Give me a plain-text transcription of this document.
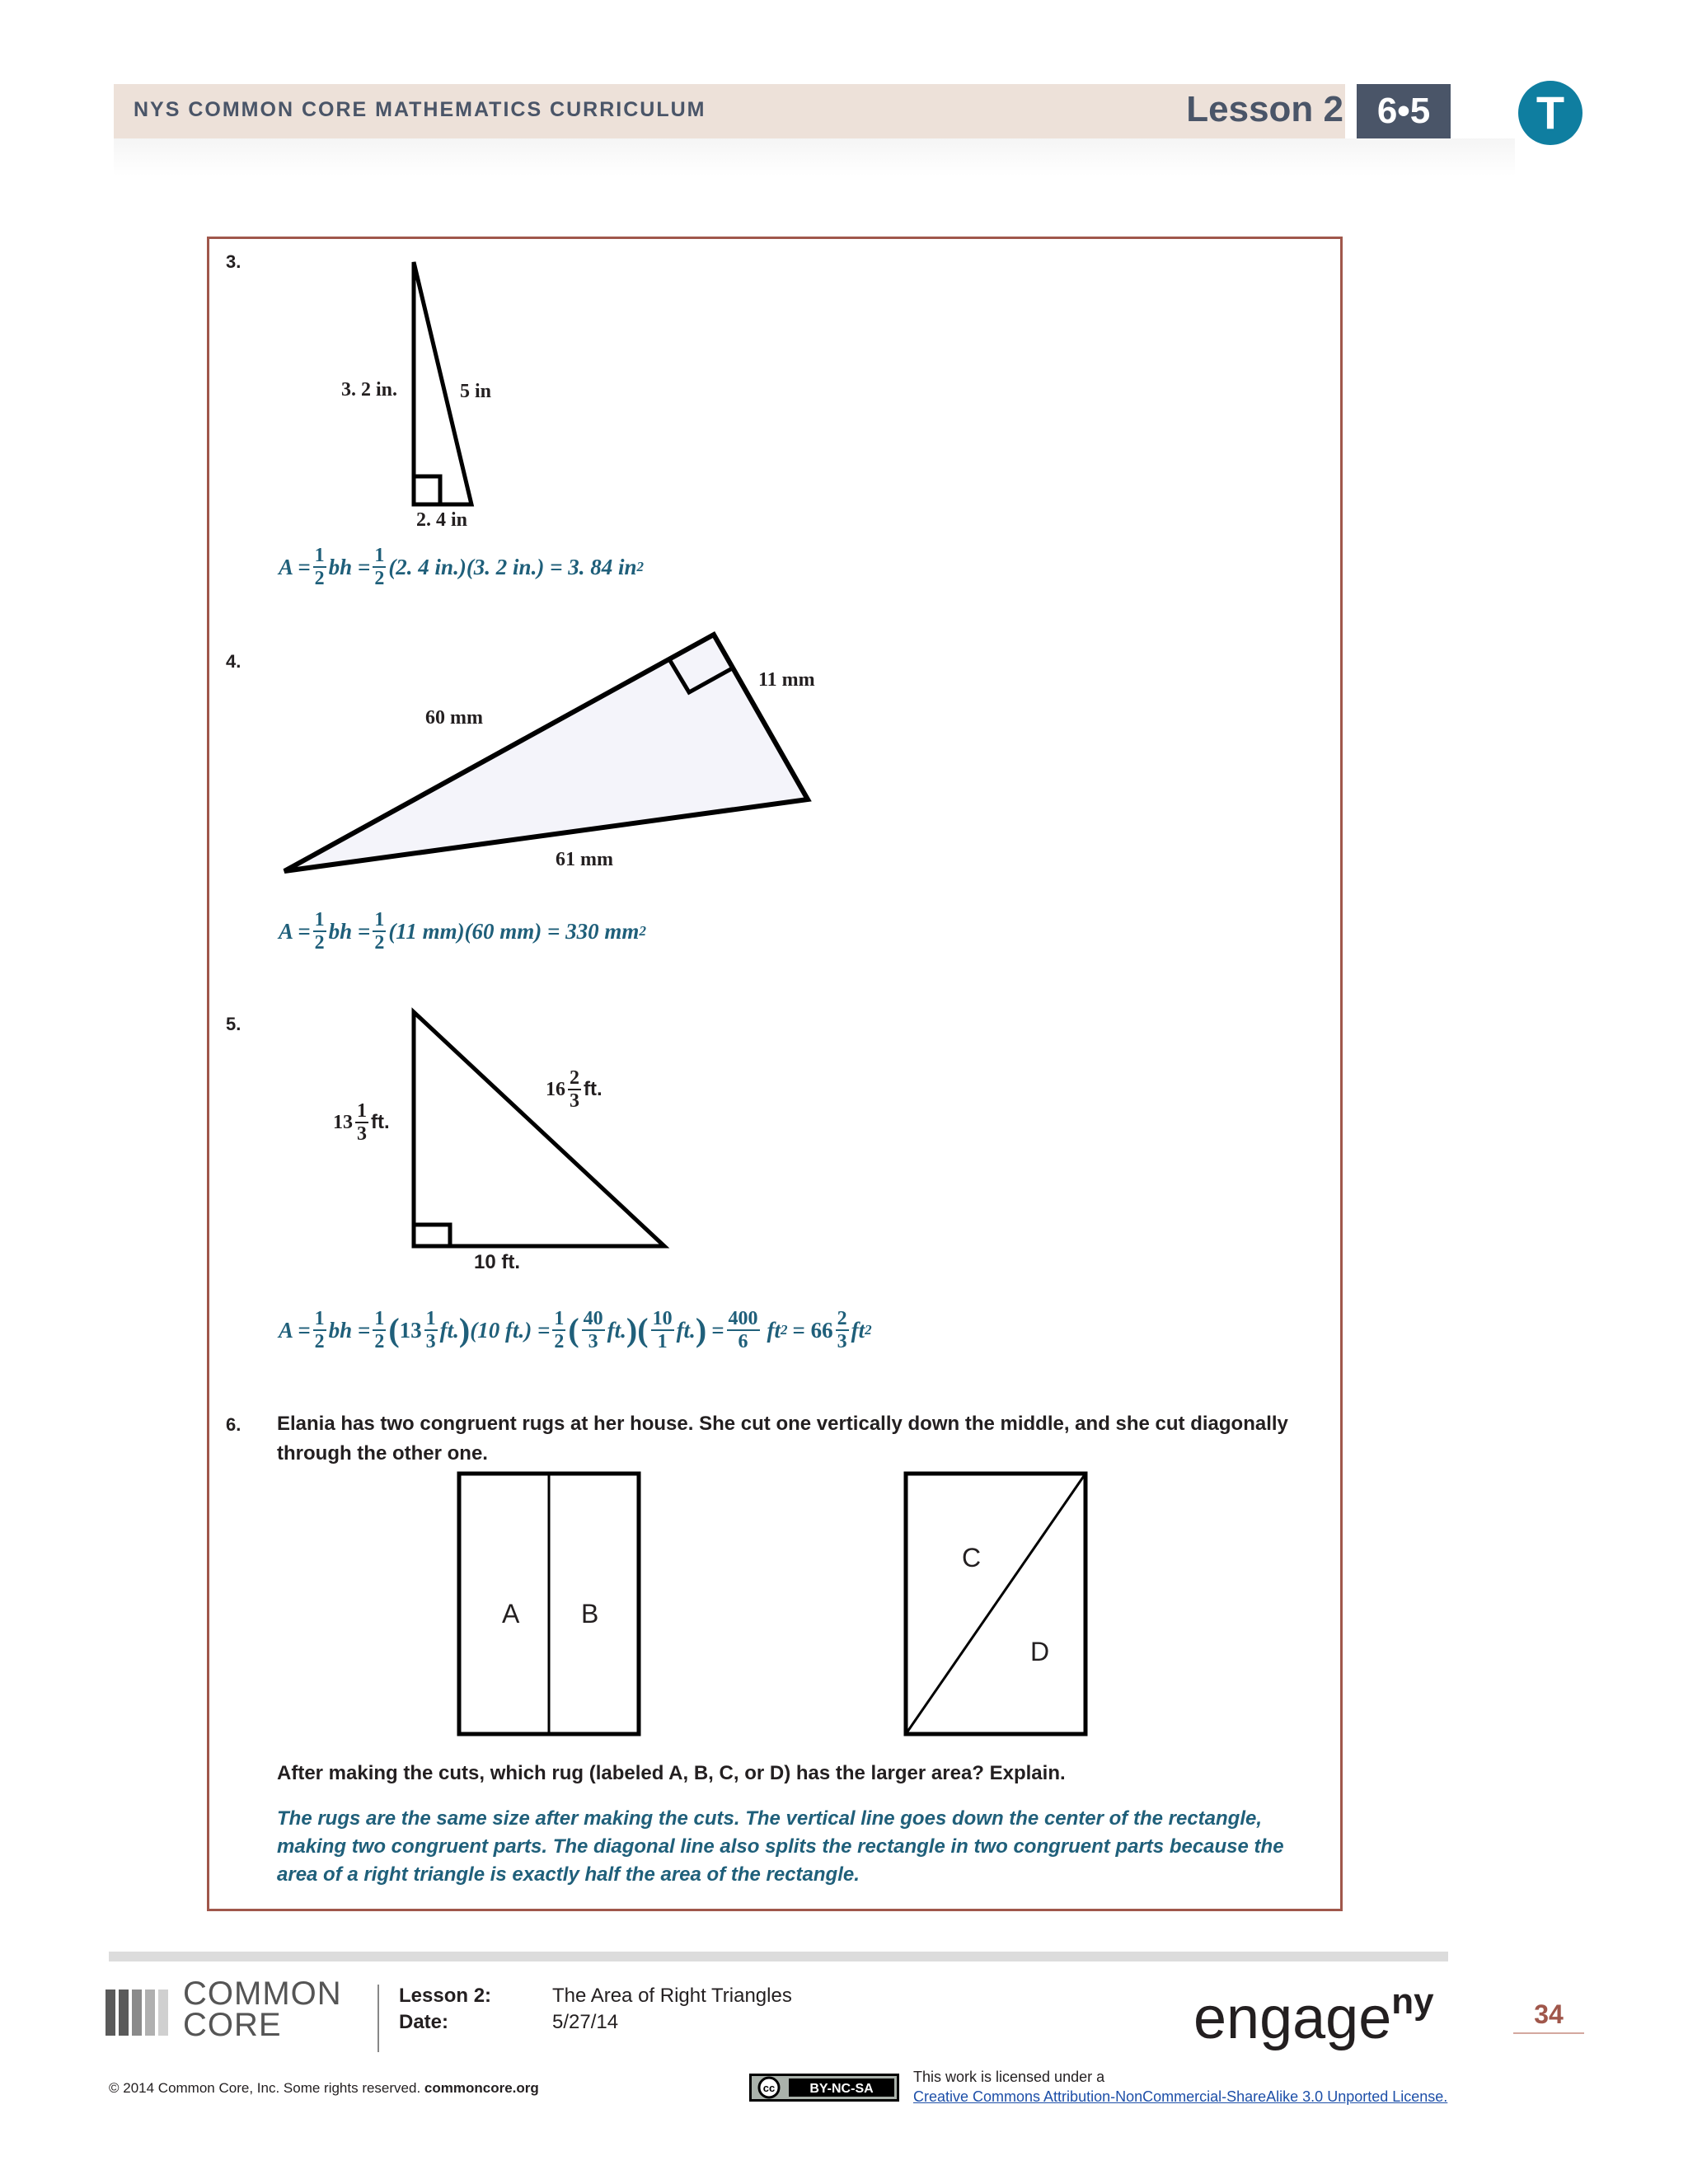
NYS COMMON CORE MATHEMATICS CURRICULUM	Lesson 2 6•5	T
3.
3. 2 in.	5 in
2. 4 in
$A = \frac{1}{2}$ bh = $\frac{1}{2} (2$. 4 in.)(3. 2 in.) = 3. 84 in 2
4.
60 mm
11 mm
61 mm
$A = \frac{1}{2}$ bh = $\frac{1}{2} (11$ mm)(60 mm) = 330 mm 2
5.
$13 \frac{1}{3}$ ft.
$16 \frac{2}{3}$ ft.
10 ft.
$A = \frac{1}{2}$ bh = $\frac{1}{2}$ ( $13 \frac{1}{3}$ ft. ) (10 $ft.) = \frac{1}{2}$ ( $\frac{40}{3}$ ft. )( $\frac{10}{1}$ ft. ) = $\frac{400}{6}$ ft $2 = 66 \frac{2}{3}$ ft 2
6. Elania has two congruent rugs at her house. She cut one vertically down the middle, and she cut diagonally through the other one.
A B
C
D
After making the cuts, which rug (labeled A, B, C, or D) has the larger area? Explain.
The rugs are the same size after making the cuts. The vertical line goes down the center of the rectangle, making two congruent parts. The diagonal line also splits the rectangle in two congruent parts because the area of a right triangle is exactly half the area of the rectangle.
COMMON
CORE
Lesson 2:	The Area of Right Triangles
Date:	5/27/14	engage$^{ny}$	34
© 2014 Common Core, Inc. Some rights reserved. commoncore.org	cc	BY-NC-SA
This work is licensed under a
Creative Commons Attribution-NonCommercial-ShareAlike 3.0 Unported License.
